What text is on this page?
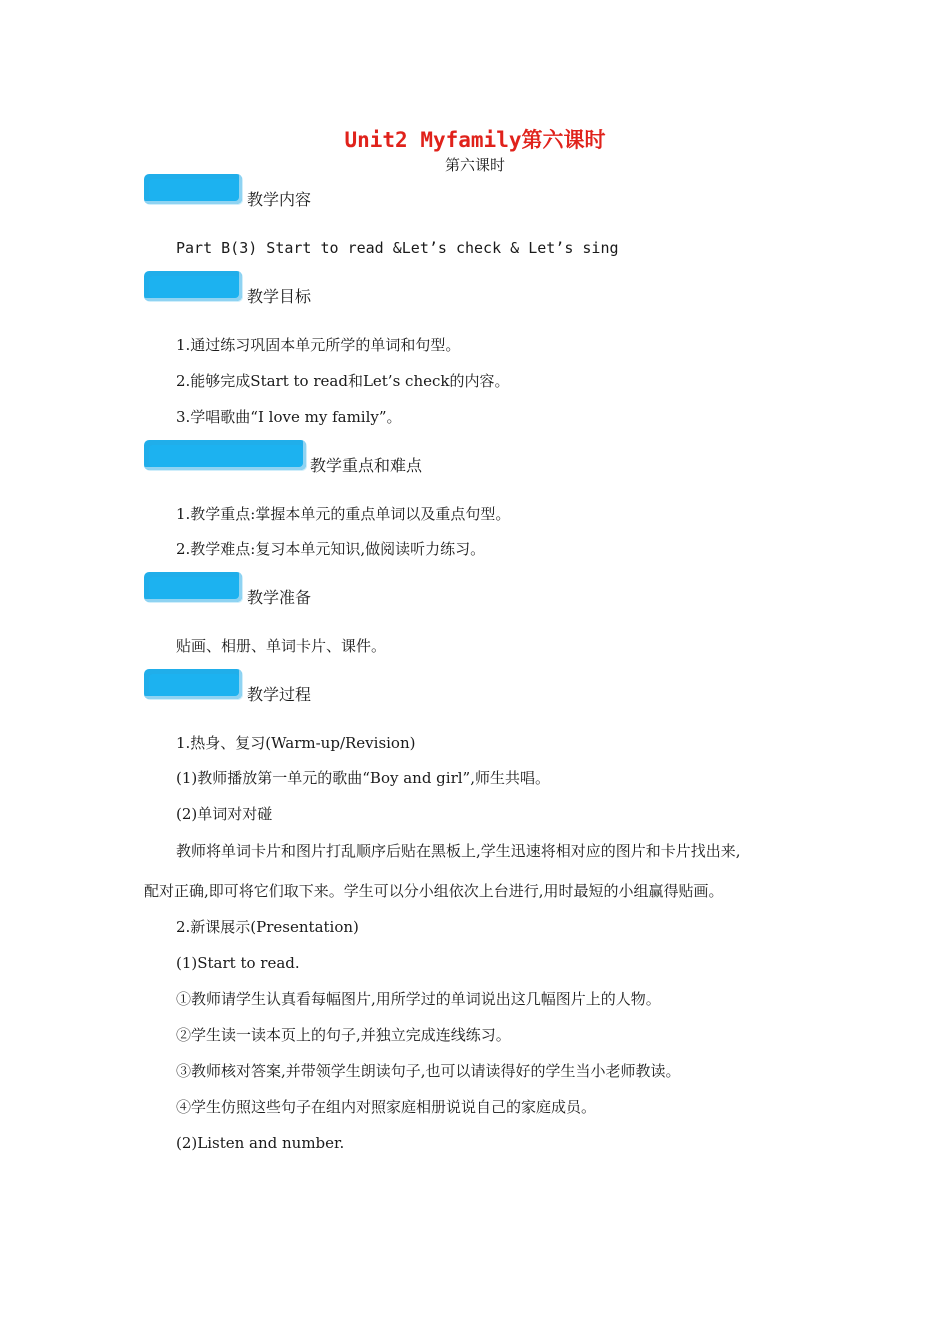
Unit2 Myfamily第六课时
第六课时
教学内容
Part B(3) Start to read &Let’s check & Let’s sing
教学目标
1.通过练习巩固本单元所学的单词和句型。
2.能够完成Start to read和Let’s check的内容。
3.学唱歌曲“I love my family”。
教学重点和难点
1.教学重点:掌握本单元的重点单词以及重点句型。
2.教学难点:复习本单元知识,做阅读听力练习。
教学准备
贴画、相册、单词卡片、课件。
教学过程
1.热身、复习(Warm-up/Revision)
(1)教师播放第一单元的歌曲“Boy and girl”,师生共唱。
(2)单词对对碰
教师将单词卡片和图片打乱顺序后贴在黑板上,学生迅速将相对应的图片和卡片找出来,
配对正确,即可将它们取下来。学生可以分小组依次上台进行,用时最短的小组赢得贴画。
2.新课展示(Presentation)
(1)Start to read.
①教师请学生认真看每幅图片,用所学过的单词说出这几幅图片上的人物。
②学生读一读本页上的句子,并独立完成连线练习。
③教师核对答案,并带领学生朗读句子,也可以请读得好的学生当小老师教读。
④学生仿照这些句子在组内对照家庭相册说说自己的家庭成员。
(2)Listen and number.
